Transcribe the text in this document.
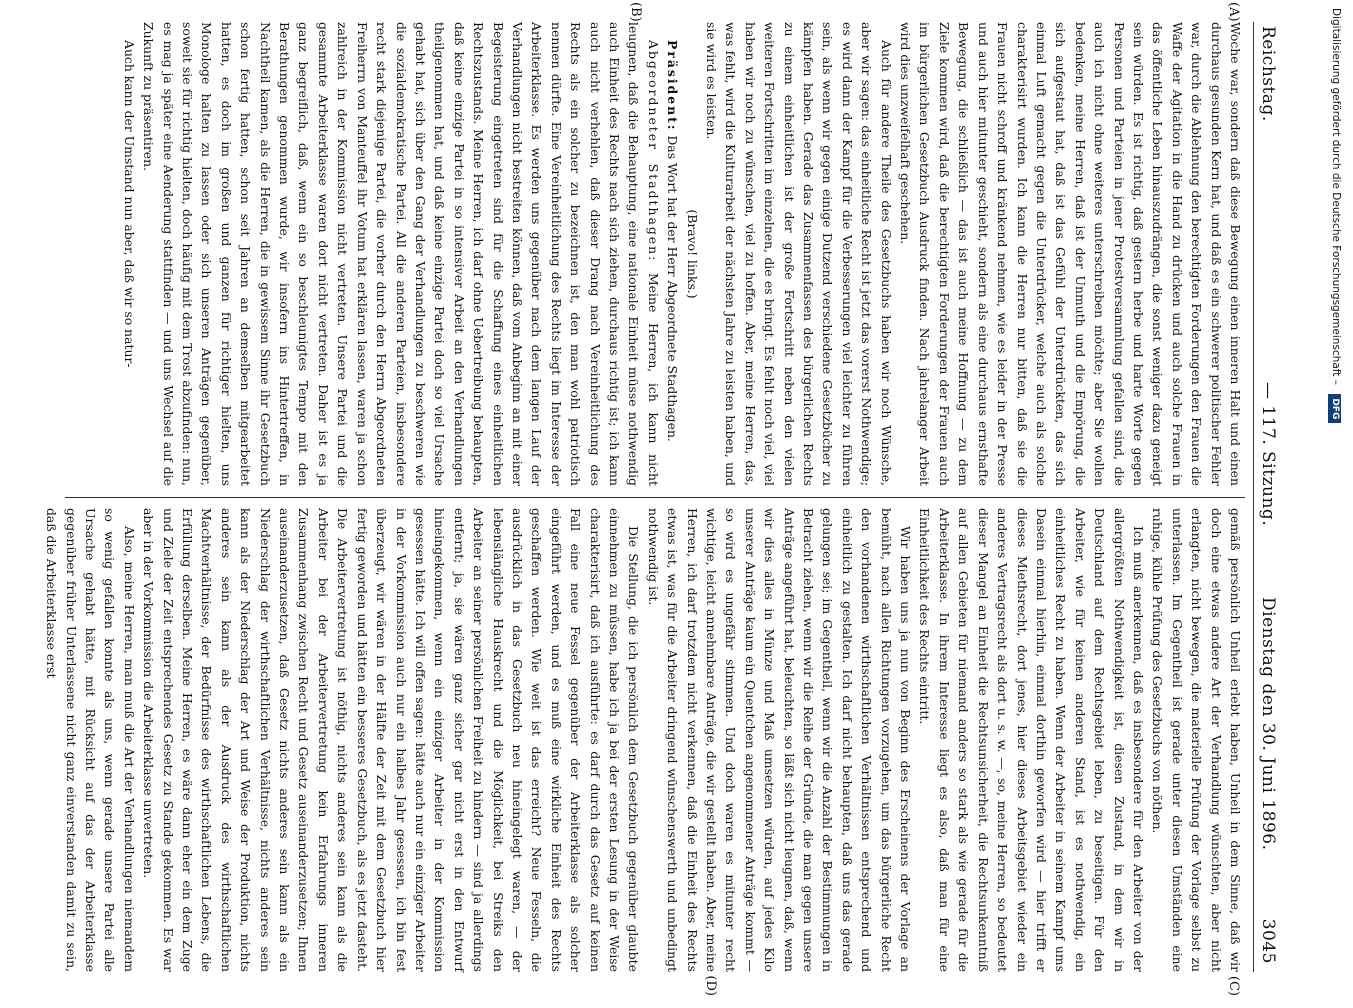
Reichstag.
— 117. Sitzung.
Dienstag den 30. Juni 1896.
3045
(A)
(B)

Woche war, sondern daß diese Bewegung einen inneren Halt und einen durchaus gesunden Kern hat, und daß es ein schwerer politischer Fehler war, durch die Ablehnung den berechtigten Forderungen den Frauen die Waffe der Agitation in die Hand zu drücken und auch solche Frauen in das öffentliche Leben hinauszudrängen, die sonst weniger dazu geneigt sein würden. Es ist richtig, daß gestern herbe und harte Worte gegen Personen und Parteien in jener Protestversammlung gefallen sind, die auch ich nicht ohne weiteres unterschreiben möchte; aber Sie wollen bedenken, meine Herren, daß ist der Unmuth und die Empörung, die sich aufgestaut hat, daß ist das Gefühl der Unterdrückten, das sich einmal Luft gemacht gegen die Unterdrücker, welche auch als solche charakterisirt wurden. Ich kann die Herren nur bitten, daß sie die Frauen nicht schroff und kränkend nehmen, wie es leider in der Presse und auch hier mitunter geschieht, sondern als eine durchaus ernsthafte Bewegung, die schließlich — das ist auch meine Hoffnung — zu dem Ziele kommen wird, daß die berechtigten Forderungen der Frauen auch im bürgerlichen Gesetzbuch Ausdruck finden. Nach jahrelanger Arbeit wird dies unzweifelhaft geschehen.

Auch für andere Theile des Gesetzbuchs haben wir noch Wünsche, aber wir sagen: das einheitliche Recht ist jetzt das vorerst Nothwendige; es wird dann der Kampf für die Verbesserungen viel leichter zu führen sein, als wenn wir gegen einige Dutzend verschiedene Gesetzbücher zu kämpfen haben. Gerade das Zusammenfassen des bürgerlichen Rechts zu einem einheitlichen ist der große Fortschritt neben den vielen weiteren Fortschritten im einzelnen, die es bringt. Es fehlt noch viel, viel haben wir noch zu wünschen, viel zu hoffen. Aber, meine Herren, das, was fehlt, wird die Kulturarbeit der nächsten Jahre zu leisten haben, und sie wird es leisten.

(Bravo! links.)

Präsident: Das Wort hat der Herr Abgeordnete Stadthagen.

Abgeordneter Stadthagen: Meine Herren, ich kann nicht leugnen, daß die Behauptung, eine nationale Einheit müsse nothwendig auch Einheit des Rechts nach sich ziehen, durchaus richtig ist; ich kann auch nicht verhehlen, daß dieser Drang nach Vereinheitlichung des Rechts als ein solcher zu bezeichnen ist, den man wohl patriotisch nennen dürfte. Eine Vereinheitlichung des Rechts liegt im Interesse der Arbeiterklasse. Es werden uns gegenüber nach dem langen Lauf der Verhandlungen nicht bestreiten können, daß vom Anbeginn an mit einer Begeisterung eingetreten sind für die Schaffung eines einheitlichen Rechtszustands. Meine Herren, ich darf ohne Uebertreibung behaupten, daß keine einzige Partei in so intensiver Arbeit an den Verhandlungen theilgenommen hat, und daß keine einzige Partei doch so viel Ursache gehabt hat, sich über den Gang der Verhandlungen zu beschweren wie die sozialdemokratische Partei. All die anderen Parteien, insbesondere recht stark diejenige Partei, die vorher durch den Herrn Abgeordneten Freiherrn von Manteuffel ihr Votum hat erklären lassen, waren ja schon zahlreich in der Kommission nicht vertreten. Unsere Partei und die gesammte Arbeiterklasse waren dort nicht vertreten. Daher ist es ja ganz begreiflich, daß, wenn ein so beschleunigtes Tempo mit den Berathungen genommen wurde, wir insofern ins Hintertreffen, in Nachtheil kamen, als die Herren, die in gewissem Sinne ihr Gesetzbuch schon fertig hatten, schon seit Jahren an demselben mitgearbeitet hatten, es doch im großen und ganzen für richtiger hielten, uns Monologe halten zu lassen oder sich unseren Anträgen gegenüber, soweit sie für richtig hielten, doch häufig mit dem Trost abzufinden: nun, es mag ja später eine Aenderung stattfinden — und uns Wechsel auf die Zukunft zu präsentiren.

Auch kann der Umstand nun aber, daß wir so natur-

(C)
(D)

gemäß persönlich Unheil erlebt haben, Unheil in dem Sinne, daß wir doch eine etwas andere Art der Verhandlung wünschten, aber nicht erlangten, nicht bewegen, die materielle Prüfung der Vorlage selbst zu unterlassen. Im Gegentheil ist gerade unter diesen Umständen eine ruhige, kühle Prüfung des Gesetzbuchs von nöthen.

Ich muß anerkennen, daß es insbesondere für den Arbeiter von der allergrößten Nothwendigkeit ist, diesen Zustand, in dem wir in Deutschland auf dem Rechtsgebiet leben, zu beseitigen. Für den Arbeiter, wie für keinen anderen Stand, ist es nothwendig, ein einheitliches Recht zu haben. Wenn der Arbeiter in seinem Kampf ums Dasein einmal hierhin, einmal dorthin geworfen wird — hier trifft er dieses Miethsrecht, dort jenes, hier dieses Arbeitsgebiet wieder ein anderes Vertragsrecht als dort u. s. w. —, so, meine Herren, so bedeutet dieser Mangel an Einheit die Rechtsunsicherheit, die Rechtsunkenntniß auf allen Gebieten für niemand anders so stark als wie gerade für die Arbeiterklasse. In ihrem Interesse liegt es also, daß man für eine Einheitlichkeit des Rechts eintritt.

Wir haben uns ja nun von Beginn des Erscheinens der Vorlage an bemüht, nach allen Richtungen vorzugehen, um das bürgerliche Recht den vorhandenen wirthschaftlichen Verhältnissen entsprechend und einheitlich zu gestalten. Ich darf nicht behaupten, daß uns das gerade gelungen sei; im Gegentheil, wenn wir die Anzahl der Bestimmungen in Betracht ziehen, wenn wir die Reihe der Gründe, die man gegen unsere Anträge angeführt hat, beleuchten, so läßt sich nicht leugnen, daß, wenn wir dies alles in Münze und Maß umsetzen würden, auf jedes Kilo unserer Anträge kaum ein Quentchen angenommener Anträge kommt — so wird es ungefähr stimmen. Und doch waren es mitunter recht wichtige, leicht annehmbare Anträge, die wir gestellt haben. Aber, meine Herren, ich darf trotzdem nicht verkennen, daß die Einheit des Rechts etwas ist, was für die Arbeiter dringend wünschenswerth und unbedingt nothwendig ist.

Die Stellung, die ich persönlich dem Gesetzbuch gegenüber glaubte einnehmen zu müssen, habe ich ja bei der ersten Lesung in der Weise charakterisirt, daß ich ausführte: es darf durch das Gesetz auf keinen Fall eine neue Fessel gegenüber der Arbeiterklasse als solcher eingeführt werden, und es muß eine wirkliche Einheit des Rechts geschaffen werden. Wie weit ist das erreicht? Neue Fesseln, die ausdrücklich in das Gesetzbuch neu hineingelegt waren, — der lebenslängliche Hauskrecht und die Möglichkeit, bei Streiks den Arbeiter an seiner persönlichen Freiheit zu hindern — sind ja allerdings entfernt; ja, sie wären ganz sicher gar nicht erst in den Entwurf hineingekommen, wenn ein einziger Arbeiter in der Kommission gesessen hätte. Ich will offen sagen: hätte auch nur ein einziger Arbeiter in der Vorkommission auch nur ein halbes Jahr gesessen, ich bin fest überzeugt, wir wären in der Hälfte der Zeit mit dem Gesetzbuch hier fertig geworden und hätten ein besseres Gesetzbuch, als es jetzt dasteht. Die Arbeitervertretung ist nöthig, nichts anderes sein kann als die Arbeiter bei der Arbeitervertretung kein Erfahrungs inneren Zusammenhang zwischen Recht und Gesetz auseinanderzusetzen; Ihnen auseinanderzusetzen, daß Gesetz nichts anderes sein kann als ein Niederschlag der wirthschaftlichen Verhältnisse, nichts anderes sein kann als der Niederschlag der Art und Weise der Produktion, nichts anderes sein kann als der Ausdruck des wirthschaftlichen Machtverhältnisse, der Bedürfnisse des wirthschaftlichen Lebens, die Erfüllung derselben. Meine Herren, es wäre dann eher ein dem Zuge und Ziele der Zeit entsprechendes Gesetz zu Stande gekommen. Es war aber in der Vorkommission die Arbeiterklasse unvertreten.

Also, meine Herren, man muß die Art der Verhandlungen niemandem so wenig gefallen konnte als uns, wenn gerade unsere Partei alle Ursache gehabt hätte, mit Rücksicht auf das der Arbeiterklasse gegenüber früher Unterlassene nicht ganz einverstanden damit zu sein, daß die Arbeiterklasse erst

Digitalisierung gefördert durch die Deutsche Forschungsgemeinschaft – DFG
